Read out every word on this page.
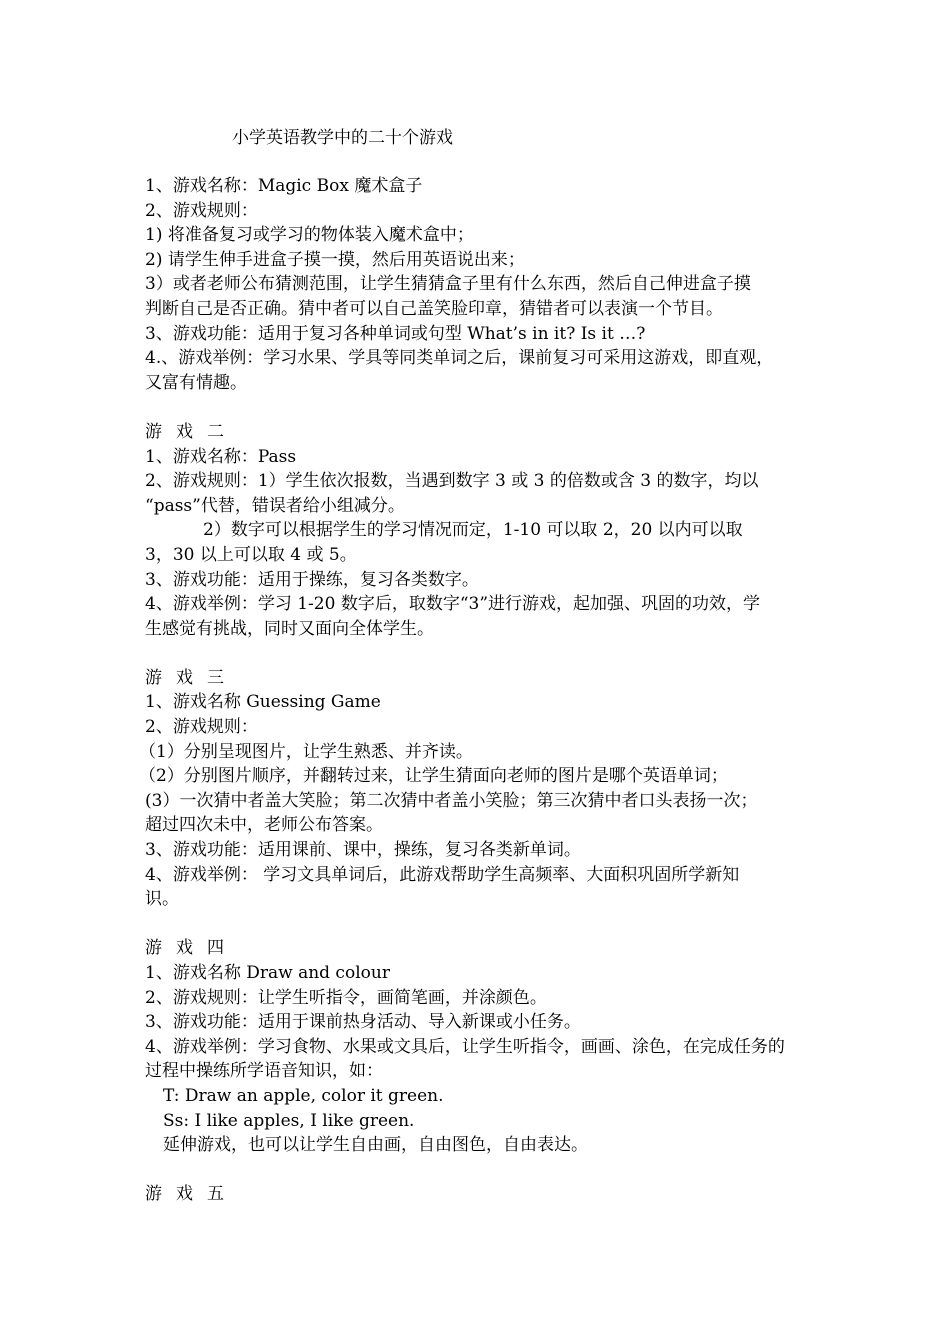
小学英语教学中的二十个游戏
1、游戏名称：Magic Box 魔术盒子
2、游戏规则：
1) 将准备复习或学习的物体装入魔术盒中；
2) 请学生伸手进盒子摸一摸，然后用英语说出来；
3）或者老师公布猜测范围，让学生猜猜盒子里有什么东西，然后自己伸进盒子摸
判断自己是否正确。猜中者可以自己盖笑脸印章，猜错者可以表演一个节目。
3、游戏功能：适用于复习各种单词或句型 What’s in it? Is it …?
4.、游戏举例：学习水果、学具等同类单词之后，课前复习可采用这游戏，即直观，
又富有情趣。
游戏二
1、游戏名称：Pass
2、游戏规则：1）学生依次报数，当遇到数字 3 或 3 的倍数或含 3 的数字，均以
“pass”代替，错误者给小组减分。
2）数字可以根据学生的学习情况而定，1-10 可以取 2，20 以内可以取
3，30 以上可以取 4 或 5。
3、游戏功能：适用于操练，复习各类数字。
4、游戏举例：学习 1-20 数字后，取数字“3”进行游戏，起加强、巩固的功效，学
生感觉有挑战，同时又面向全体学生。
游戏三
1、游戏名称 Guessing Game
2、游戏规则：
（1）分别呈现图片，让学生熟悉、并齐读。
（2）分别图片顺序，并翻转过来，让学生猜面向老师的图片是哪个英语单词；
(3）一次猜中者盖大笑脸；第二次猜中者盖小笑脸；第三次猜中者口头表扬一次；
超过四次未中，老师公布答案。
3、游戏功能：适用课前、课中，操练，复习各类新单词。
4、游戏举例： 学习文具单词后，此游戏帮助学生高频率、大面积巩固所学新知
识。
游戏四
1、游戏名称 Draw and colour
2、游戏规则：让学生听指令，画简笔画，并涂颜色。
3、游戏功能：适用于课前热身活动、导入新课或小任务。
4、游戏举例：学习食物、水果或文具后，让学生听指令，画画、涂色，在完成任务的
过程中操练所学语音知识，如：
T: Draw an apple, color it green.
Ss: I like apples, I like green.
延伸游戏，也可以让学生自由画，自由图色，自由表达。
游戏五
